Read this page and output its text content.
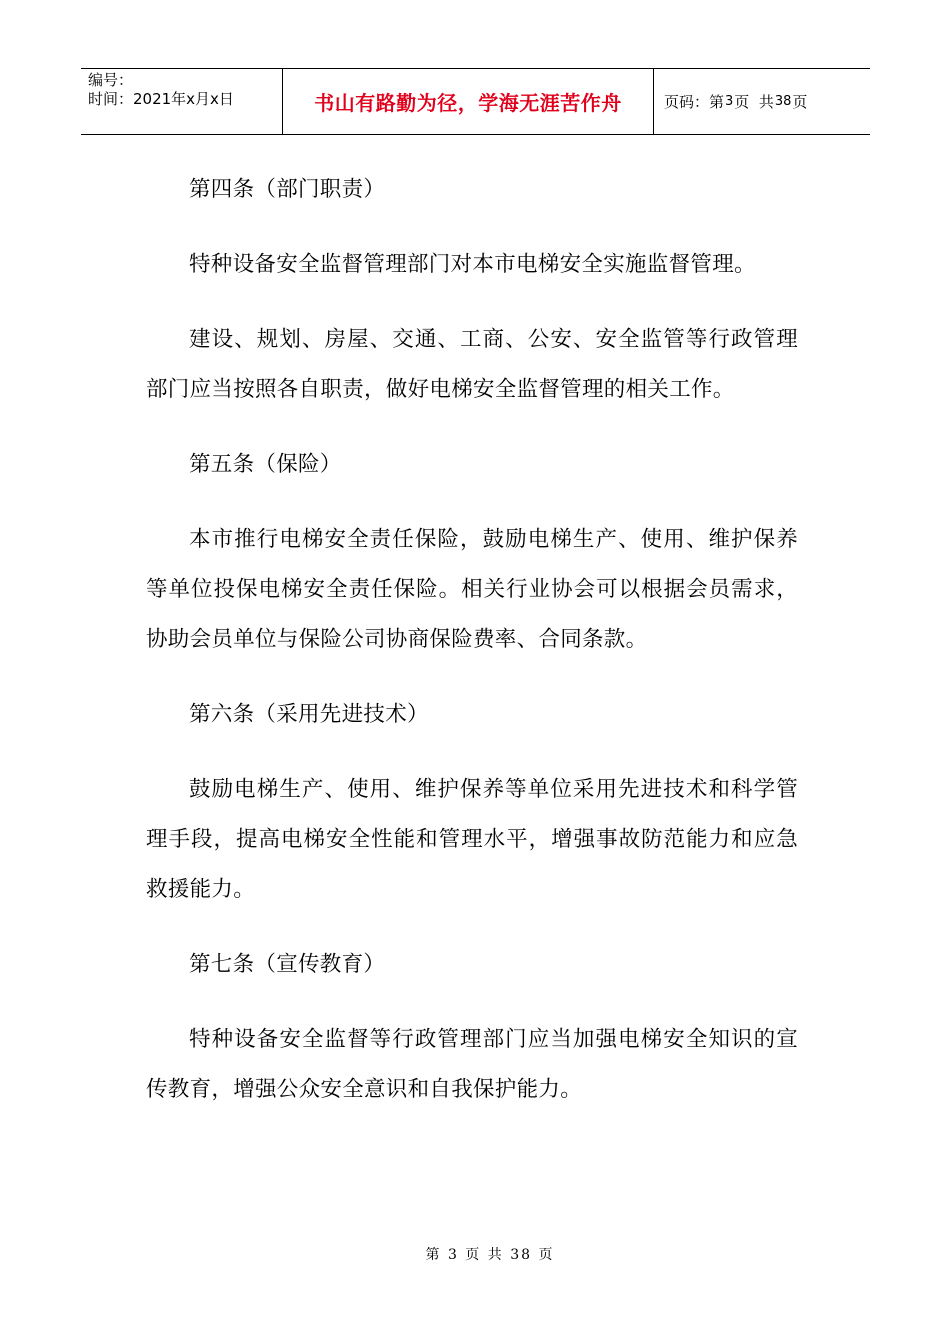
编号：
时间：2021年x月x日	书山有路勤为径，学海无涯苦作舟	页码：第 3 页  共 38 页

第四条（部门职责）

特种设备安全监督管理部门对本市电梯安全实施监督管理。

建设、规划、房屋、交通、工商、公安、安全监管等行政管理部门应当按照各自职责，做好电梯安全监督管理的相关工作。

第五条（保险）

本市推行电梯安全责任保险，鼓励电梯生产、使用、维护保养等单位投保电梯安全责任保险。相关行业协会可以根据会员需求，协助会员单位与保险公司协商保险费率、合同条款。

第六条（采用先进技术）

鼓励电梯生产、使用、维护保养等单位采用先进技术和科学管理手段，提高电梯安全性能和管理水平，增强事故防范能力和应急救援能力。

第七条（宣传教育）

特种设备安全监督等行政管理部门应当加强电梯安全知识的宣传教育，增强公众安全意识和自我保护能力。

第 3 页 共 38 页
